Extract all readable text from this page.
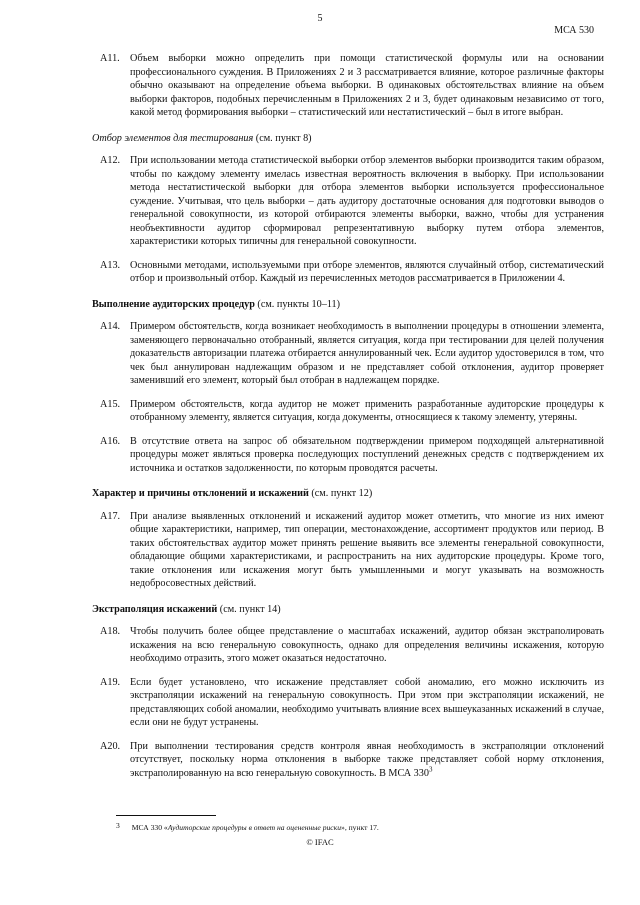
5
МСА 530
A11.	Объем выборки можно определить при помощи статистической формулы или на основании профессионального суждения. В Приложениях 2 и 3 рассматривается влияние, которое различные факторы обычно оказывают на определение объема выборки. В одинаковых обстоятельствах влияние на объем выборки факторов, подобных перечисленным в Приложениях 2 и 3, будет одинаковым независимо от того, какой метод формирования выборки – статистический или нестатистический – был в итоге выбран.
Отбор элементов для тестирования (см. пункт 8)
A12. При использовании метода статистической выборки отбор элементов выборки производится таким образом, чтобы по каждому элементу имелась известная вероятность включения в выборку. При использовании метода нестатистической выборки для отбора элементов выборки используется профессиональное суждение. Учитывая, что цель выборки – дать аудитору достаточные основания для подготовки выводов о генеральной совокупности, из которой отбираются элементы выборки, важно, чтобы для устранения необъективности аудитор сформировал репрезентативную выборку путем отбора элементов, характеристики которых типичны для генеральной совокупности.
A13. Основными методами, используемыми при отборе элементов, являются случайный отбор, систематический отбор и произвольный отбор. Каждый из перечисленных методов рассматривается в Приложении 4.
Выполнение аудиторских процедур (см. пункты 10–11)
A14. Примером обстоятельств, когда возникает необходимость в выполнении процедуры в отношении элемента, заменяющего первоначально отобранный, является ситуация, когда при тестировании для целей получения доказательств авторизации платежа отбирается аннулированный чек. Если аудитор удостоверился в том, что чек был аннулирован надлежащим образом и не представляет собой отклонения, аудитор проверяет заменивший его элемент, который был отобран в надлежащем порядке.
A15. Примером обстоятельств, когда аудитор не может применить разработанные аудиторские процедуры к отобранному элементу, является ситуация, когда документы, относящиеся к такому элементу, утеряны.
A16. В отсутствие ответа на запрос об обязательном подтверждении примером подходящей альтернативной процедуры может являться проверка последующих поступлений денежных средств с подтверждением их источника и остатков задолженности, по которым проводятся расчеты.
Характер и причины отклонений и искажений (см. пункт 12)
A17. При анализе выявленных отклонений и искажений аудитор может отметить, что многие из них имеют общие характеристики, например, тип операции, местонахождение, ассортимент продуктов или период. В таких обстоятельствах аудитор может принять решение выявить все элементы генеральной совокупности, обладающие общими характеристиками, и распространить на них аудиторские процедуры. Кроме того, такие отклонения или искажения могут быть умышленными и могут указывать на возможность недобросовестных действий.
Экстраполяция искажений (см. пункт 14)
A18. Чтобы получить более общее представление о масштабах искажений, аудитор обязан экстраполировать искажения на всю генеральную совокупность, однако для определения величины искажения, которую необходимо отразить, этого может оказаться недостаточно.
A19. Если будет установлено, что искажение представляет собой аномалию, его можно исключить из экстраполяции искажений на генеральную совокупность. При этом при экстраполяции искажений, не представляющих собой аномалии, необходимо учитывать влияние всех вышеуказанных искажений в случае, если они не будут устранены.
A20. При выполнении тестирования средств контроля явная необходимость в экстраполяции отклонений отсутствует, поскольку норма отклонения в выборке также представляет собой норму отклонения, экстраполированную на всю генеральную совокупность. В МСА $330^3$
3 МСА 330 «Аудиторские процедуры в ответ на оцененные риски», пункт 17.
© IFAC
